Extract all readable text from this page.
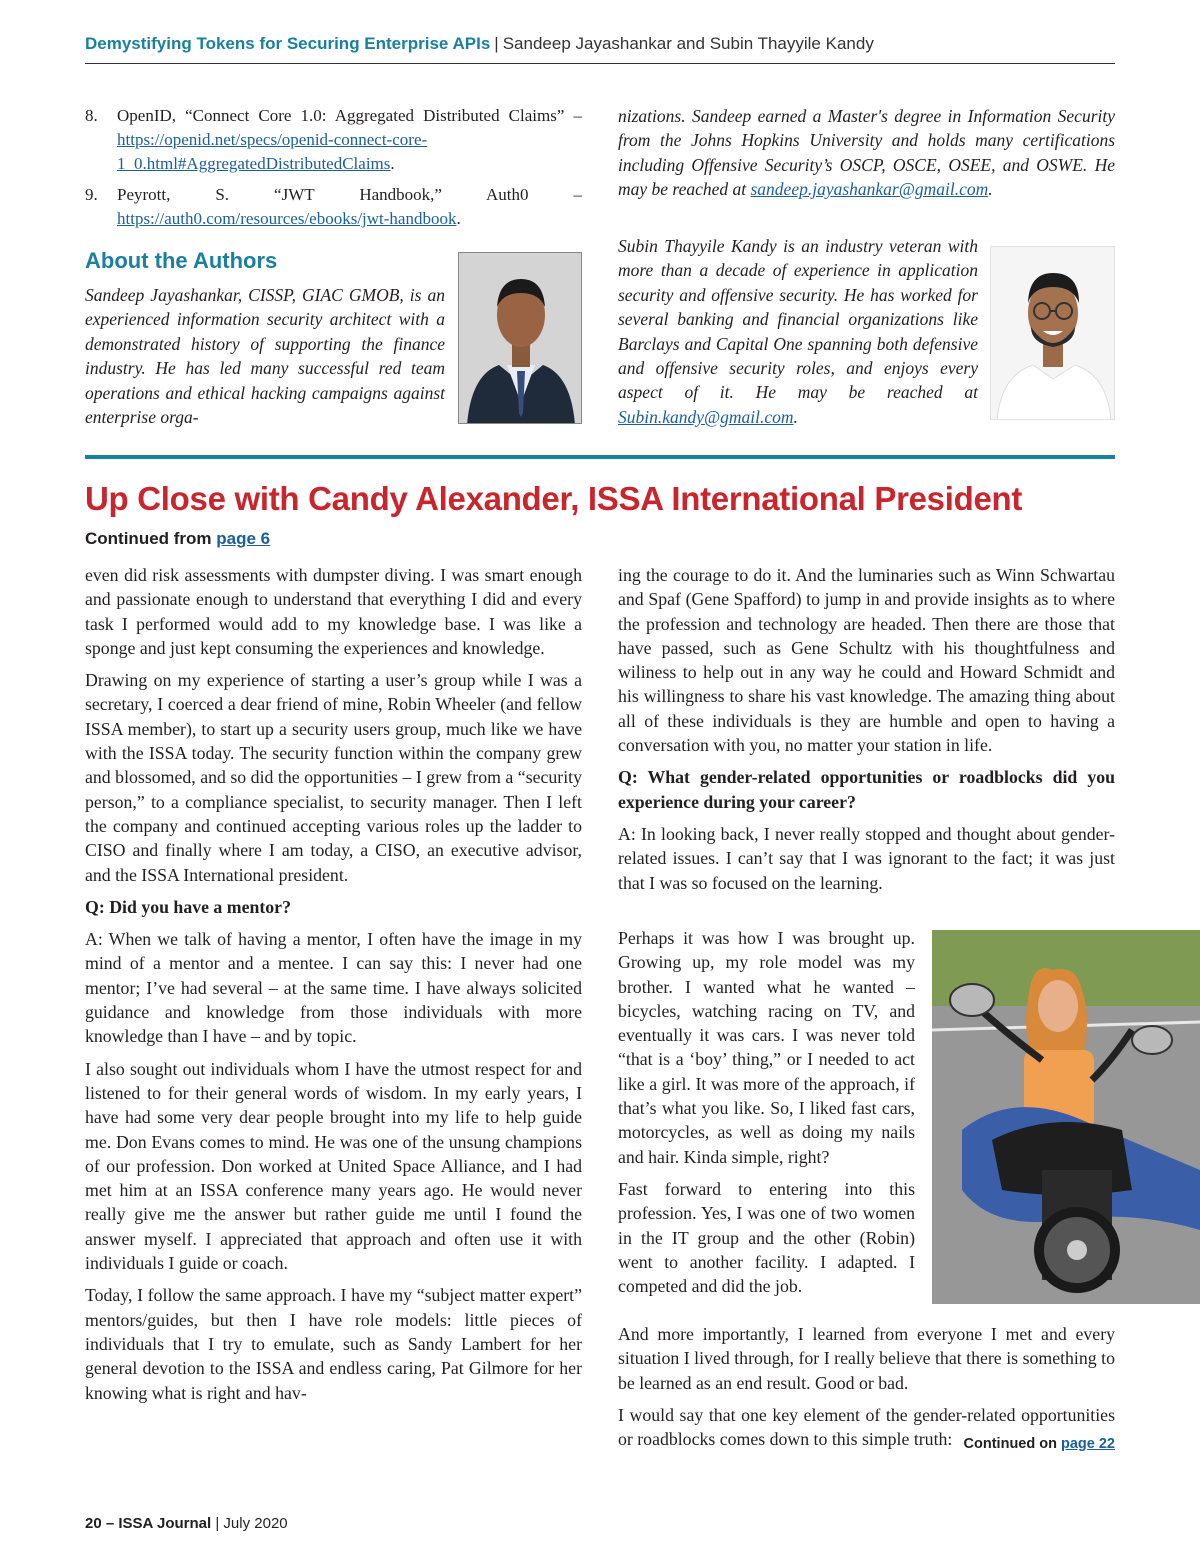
Demystifying Tokens for Securing Enterprise APIs | Sandeep Jayashankar and Subin Thayyile Kandy
8.	OpenID, “Connect Core 1.0: Aggregated Distributed Claims” – https://openid.net/specs/openid-connect-core-1_0.html#AggregatedDistributedClaims.
9.	Peyrott, S. “JWT Handbook,” Auth0 – https://auth0.com/resources/ebooks/jwt-handbook.
About the Authors
Sandeep Jayashankar, CISSP, GIAC GMOB, is an experienced information security architect with a demonstrated history of supporting the finance industry. He has led many successful red team operations and ethical hacking campaigns against enterprise orga-
nizations. Sandeep earned a Master's degree in Information Security from the Johns Hopkins University and holds many certifications including Offensive Security’s OSCP, OSCE, OSEE, and OSWE. He may be reached at sandeep.jayashankar@gmail.com.
Subin Thayyile Kandy is an industry veteran with more than a decade of experience in application security and offensive security. He has worked for several banking and financial organizations like Barclays and Capital One spanning both defensive and offensive security roles, and enjoys every aspect of it. He may be reached at Subin.kandy@gmail.com.
Up Close with Candy Alexander, ISSA International President
Continued from page 6

even did risk assessments with dumpster diving. I was smart enough and passionate enough to understand that everything I did and every task I performed would add to my knowledge base. I was like a sponge and just kept consuming the experiences and knowledge.

Drawing on my experience of starting a user’s group while I was a secretary, I coerced a dear friend of mine, Robin Wheeler (and fellow ISSA member), to start up a security users group, much like we have with the ISSA today. The security function within the company grew and blossomed, and so did the opportunities – I grew from a “security person,” to a compliance specialist, to security manager. Then I left the company and continued accepting various roles up the ladder to CISO and finally where I am today, a CISO, an executive advisor, and the ISSA International president.

Q: Did you have a mentor?

A: When we talk of having a mentor, I often have the image in my mind of a mentor and a mentee. I can say this: I never had one mentor; I’ve had several – at the same time. I have always solicited guidance and knowledge from those individuals with more knowledge than I have – and by topic.

I also sought out individuals whom I have the utmost respect for and listened to for their general words of wisdom. In my early years, I have had some very dear people brought into my life to help guide me. Don Evans comes to mind. He was one of the unsung champions of our profession. Don worked at United Space Alliance, and I had met him at an ISSA conference many years ago. He would never really give me the answer but rather guide me until I found the answer myself. I appreciated that approach and often use it with individuals I guide or coach.

Today, I follow the same approach. I have my “subject matter expert” mentors/guides, but then I have role models: little pieces of individuals that I try to emulate, such as Sandy Lambert for her general devotion to the ISSA and endless caring, Pat Gilmore for her knowing what is right and hav-

ing the courage to do it. And the luminaries such as Winn Schwartau and Spaf (Gene Spafford) to jump in and provide insights as to where the profession and technology are headed. Then there are those that have passed, such as Gene Schultz with his thoughtfulness and wiliness to help out in any way he could and Howard Schmidt and his willingness to share his vast knowledge. The amazing thing about all of these individuals is they are humble and open to having a conversation with you, no matter your station in life.

Q: What gender-related opportunities or roadblocks did you experience during your career?

A: In looking back, I never really stopped and thought about gender-related issues. I can’t say that I was ignorant to the fact; it was just that I was so focused on the learning.

Perhaps it was how I was brought up. Growing up, my role model was my brother. I wanted what he wanted – bicycles, watching racing on TV, and eventually it was cars. I was never told “that is a ‘boy’ thing,” or I needed to act like a girl. It was more of the approach, if that’s what you like. So, I liked fast cars, motorcycles, as well as doing my nails and hair. Kinda simple, right?

Fast forward to entering into this profession. Yes, I was one of two women in the IT group and the other (Robin) went to another facility. I adapted. I competed and did the job.

And more importantly, I learned from everyone I met and every situation I lived through, for I really believe that there is something to be learned as an end result. Good or bad.

I would say that one key element of the gender-related opportunities or roadblocks comes down to this simple truth: Continued on page 22
20 – ISSA Journal | July 2020
